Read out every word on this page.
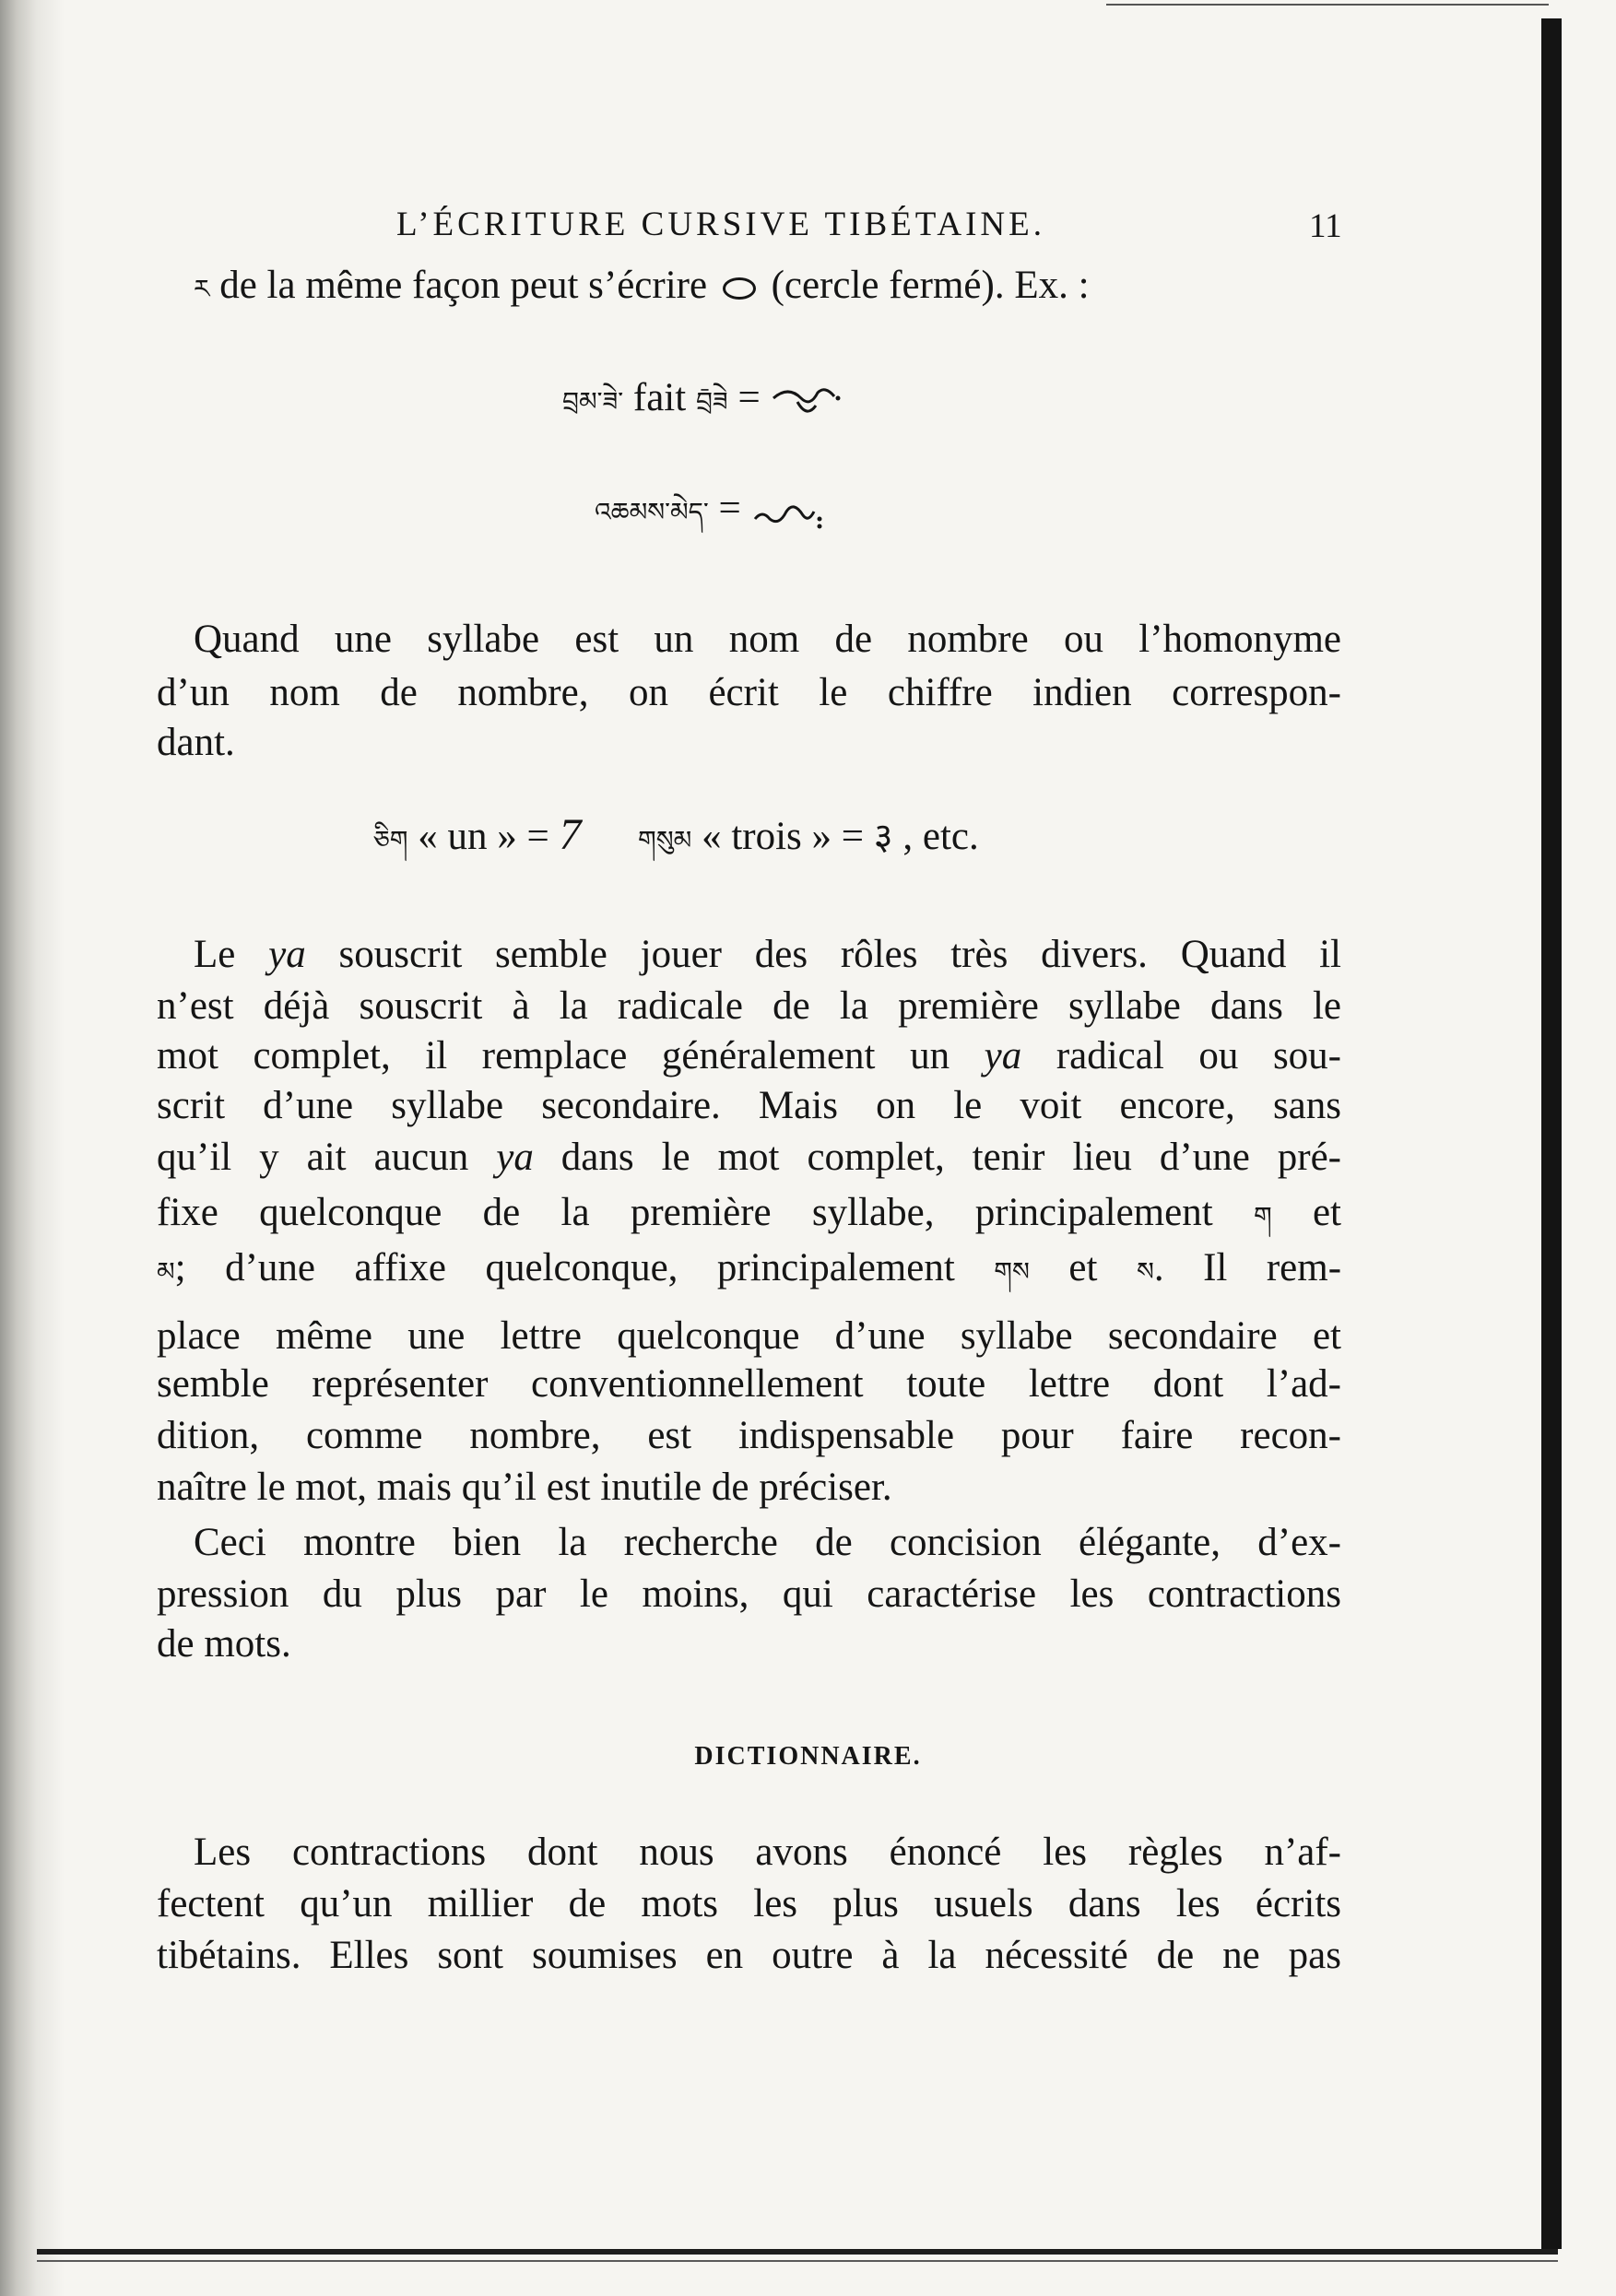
L’ÉCRITURE CURSIVE TIBÉTAINE.	11
ར de la même façon peut s’écrire (cercle fermé). Ex. :
བྲམ་ཟེ་ fait བྲ̄ཟེ =
འཆམས་མེད་ =
Quand une syllabe est un nom de nombre ou l’homonyme
d’un nom de nombre, on écrit le chiffre indien correspon-
dant.
ཅིག « un » = 7 གསུམ « trois » = ३ , etc.
Le ya souscrit semble jouer des rôles très divers. Quand il
n’est déjà souscrit à la radicale de la première syllabe dans le
mot complet, il remplace généralement un ya radical ou sou-
scrit d’une syllabe secondaire. Mais on le voit encore, sans
qu’il y ait aucun ya dans le mot complet, tenir lieu d’une pré-
fixe quelconque de la première syllabe, principalement ག et
མ; d’une affixe quelconque, principalement གས et ས. Il rem-
place même une lettre quelconque d’une syllabe secondaire et
semble représenter conventionnellement toute lettre dont l’ad-
dition, comme nombre, est indispensable pour faire recon-
naître le mot, mais qu’il est inutile de préciser.
Ceci montre bien la recherche de concision élégante, d’ex-
pression du plus par le moins, qui caractérise les contractions
de mots.
DICTIONNAIRE.
Les contractions dont nous avons énoncé les règles n’af-
fectent qu’un millier de mots les plus usuels dans les écrits
tibétains. Elles sont soumises en outre à la nécessité de ne pas
